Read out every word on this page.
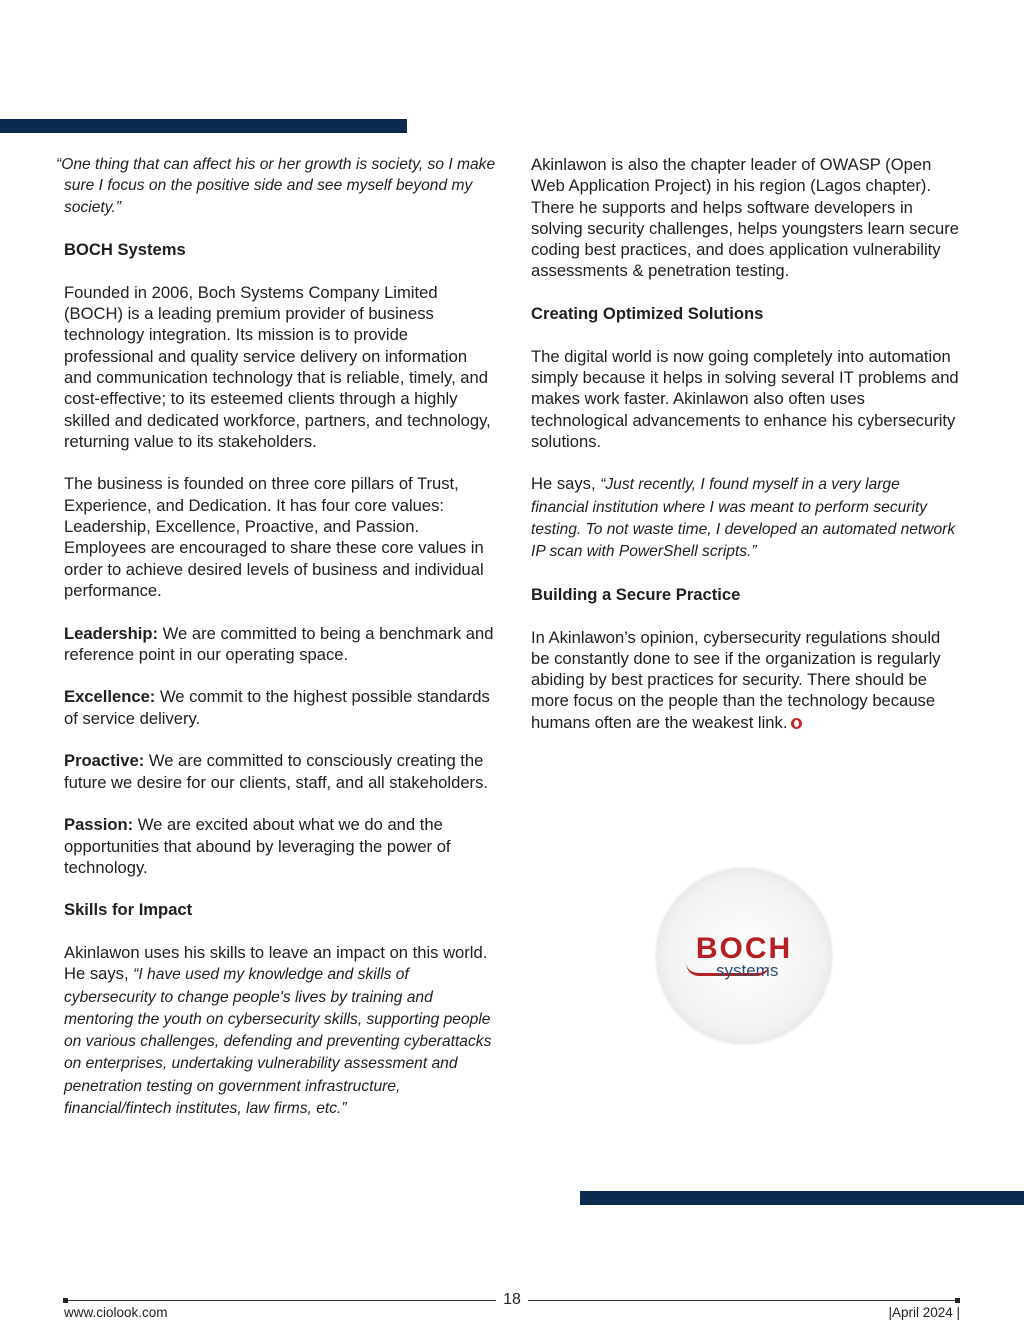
“One thing that can affect his or her growth is society, so I make sure I focus on the positive side and see myself beyond my society.”

BOCH Systems

Founded in 2006, Boch Systems Company Limited (BOCH) is a leading premium provider of business technology integration. Its mission is to provide professional and quality service delivery on information and communication technology that is reliable, timely, and cost-effective; to its esteemed clients through a highly skilled and dedicated workforce, partners, and technology, returning value to its stakeholders.

The business is founded on three core pillars of Trust, Experience, and Dedication. It has four core values: Leadership, Excellence, Proactive, and Passion. Employees are encouraged to share these core values in order to achieve desired levels of business and individual performance.

Leadership: We are committed to being a benchmark and reference point in our operating space.

Excellence: We commit to the highest possible standards of service delivery.

Proactive: We are committed to consciously creating the future we desire for our clients, staff, and all stakeholders.

Passion: We are excited about what we do and the opportunities that abound by leveraging the power of technology.

Skills for Impact

Akinlawon uses his skills to leave an impact on this world. He says, “I have used my knowledge and skills of cybersecurity to change people's lives by training and mentoring the youth on cybersecurity skills, supporting people on various challenges, defending and preventing cyberattacks on enterprises, undertaking vulnerability assessment and penetration testing on government infrastructure, financial/fintech institutes, law firms, etc.”

Akinlawon is also the chapter leader of OWASP (Open Web Application Project) in his region (Lagos chapter). There he supports and helps software developers in solving security challenges, helps youngsters learn secure coding best practices, and does application vulnerability assessments & penetration testing.

Creating Optimized Solutions

The digital world is now going completely into automation simply because it helps in solving several IT problems and makes work faster. Akinlawon also often uses technological advancements to enhance his cybersecurity solutions.

He says, “Just recently, I found myself in a very large financial institution where I was meant to perform security testing. To not waste time, I developed an automated network IP scan with PowerShell scripts.”

Building a Secure Practice

In Akinlawon’s opinion, cybersecurity regulations should be constantly done to see if the organization is regularly abiding by best practices for security. There should be more focus on the people than the technology because humans often are the weakest link.

BOCH
systems
18
www.ciolook.com	|April 2024 |
